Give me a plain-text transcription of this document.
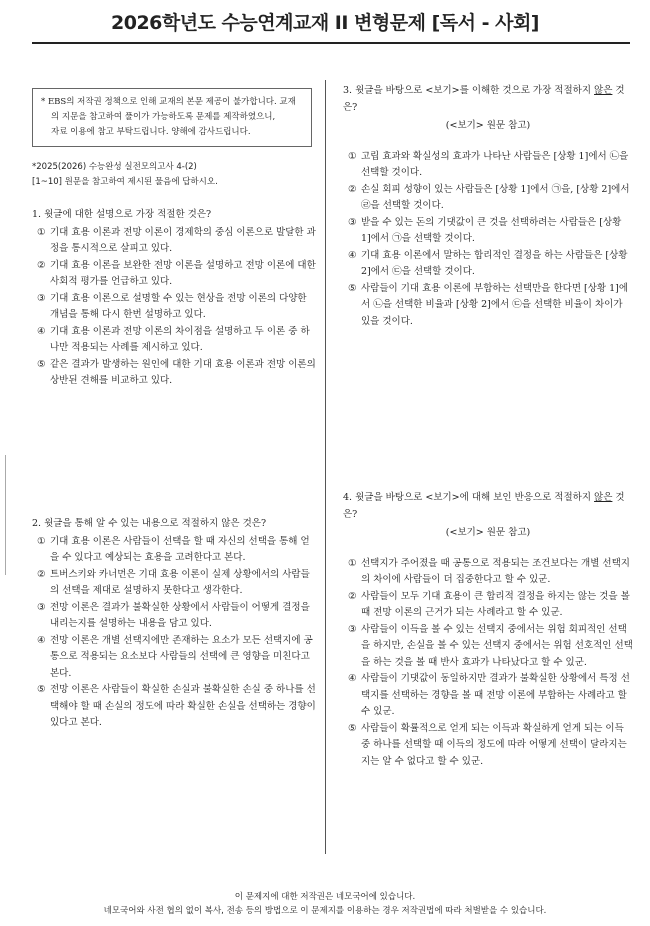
2026학년도 수능연계교재 II 변형문제 [독서 - 사회]
* EBS의 저작권 정책으로 인해 교재의 본문 제공이 불가합니다. 교재의 지문을 참고하여 풀이가 가능하도록 문제를 제작하였으니,
자료 이용에 참고 부탁드립니다. 양해에 감사드립니다.
*2025(2026) 수능완성 실전모의고사 4-(2)
[1~10] 원문을 참고하여 제시된 물음에 답하시오.
1. 윗글에 대한 설명으로 가장 적절한 것은?
① 기대 효용 이론과 전망 이론이 경제학의 중심 이론으로 발달한 과정을 통시적으로 살피고 있다.
② 기대 효용 이론을 보완한 전망 이론을 설명하고 전망 이론에 대한 사회적 평가를 언급하고 있다.
③ 기대 효용 이론으로 설명할 수 있는 현상을 전망 이론의 다양한 개념을 통해 다시 한번 설명하고 있다.
④ 기대 효용 이론과 전망 이론의 차이점을 설명하고 두 이론 중 하나만 적용되는 사례를 제시하고 있다.
⑤ 같은 결과가 발생하는 원인에 대한 기대 효용 이론과 전망 이론의 상반된 견해를 비교하고 있다.
2. 윗글을 통해 알 수 있는 내용으로 적절하지 않은 것은?
① 기대 효용 이론은 사람들이 선택을 할 때 자신의 선택을 통해 얻을 수 있다고 예상되는 효용을 고려한다고 본다.
② 트버스키와 카너먼은 기대 효용 이론이 실제 상황에서의 사람들의 선택을 제대로 설명하지 못한다고 생각한다.
③ 전망 이론은 결과가 불확실한 상황에서 사람들이 어떻게 결정을 내리는지를 설명하는 내용을 담고 있다.
④ 전망 이론은 개별 선택지에만 존재하는 요소가 모든 선택지에 공통으로 적용되는 요소보다 사람들의 선택에 큰 영향을 미친다고 본다.
⑤ 전망 이론은 사람들이 확실한 손실과 불확실한 손실 중 하나를 선택해야 할 때 손실의 정도에 따라 확실한 손실을 선택하는 경향이 있다고 본다.
3. 윗글을 바탕으로 <보기>를 이해한 것으로 가장 적절하지 않은 것은?
(<보기> 원문 참고)
① 고립 효과와 확실성의 효과가 나타난 사람들은 [상황 1]에서 ㉡을 선택할 것이다.
② 손실 회피 성향이 있는 사람들은 [상황 1]에서 ㉠을, [상황 2]에서 ㉣을 선택할 것이다.
③ 받을 수 있는 돈의 기댓값이 큰 것을 선택하려는 사람들은 [상황 1]에서 ㉠을 선택할 것이다.
④ 기대 효용 이론에서 말하는 합리적인 결정을 하는 사람들은 [상황 2]에서 ㉢을 선택할 것이다.
⑤ 사람들이 기대 효용 이론에 부합하는 선택만을 한다면 [상황 1]에서 ㉡을 선택한 비율과 [상황 2]에서 ㉢을 선택한 비율이 차이가 있을 것이다.
4. 윗글을 바탕으로 <보기>에 대해 보인 반응으로 적절하지 않은 것은?
(<보기> 원문 참고)
① 선택지가 주어졌을 때 공통으로 적용되는 조건보다는 개별 선택지의 차이에 사람들이 더 집중한다고 할 수 있군.
② 사람들이 모두 기대 효용이 큰 합리적 결정을 하지는 않는 것을 볼 때 전망 이론의 근거가 되는 사례라고 할 수 있군.
③ 사람들이 이득을 볼 수 있는 선택지 중에서는 위험 회피적인 선택을 하지만, 손실을 볼 수 있는 선택지 중에서는 위험 선호적인 선택을 하는 것을 볼 때 반사 효과가 나타났다고 할 수 있군.
④ 사람들이 기댓값이 동일하지만 결과가 불확실한 상황에서 특정 선택지를 선택하는 경향을 볼 때 전망 이론에 부합하는 사례라고 할 수 있군.
⑤ 사람들이 확률적으로 얻게 되는 이득과 확실하게 얻게 되는 이득 중 하나를 선택할 때 이득의 정도에 따라 어떻게 선택이 달라지는지는 알 수 없다고 할 수 있군.
이 문제지에 대한 저작권은 네모국어에 있습니다.
네모국어와 사전 협의 없이 복사, 전송 등의 방법으로 이 문제지를 이용하는 경우 저작권법에 따라 처벌받을 수 있습니다.
